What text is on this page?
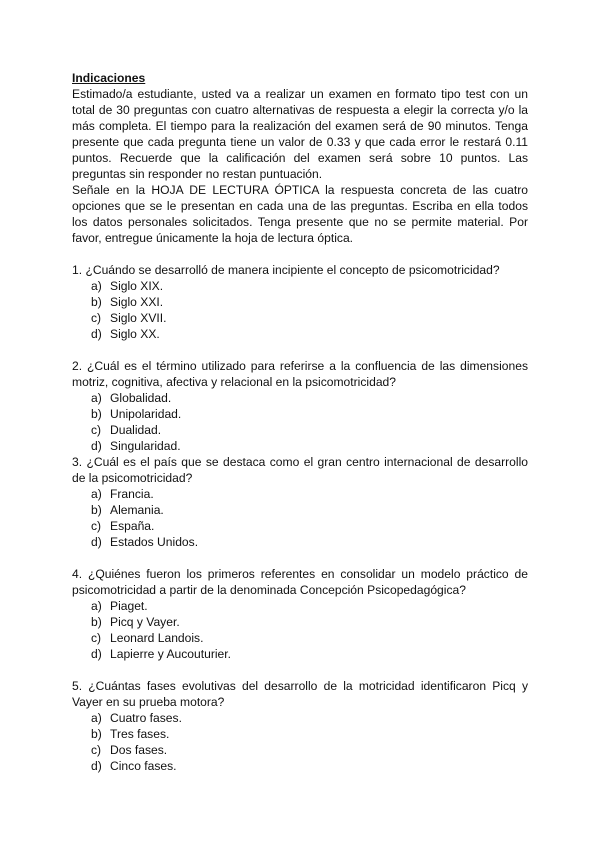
Indicaciones

Estimado/a estudiante, usted va a realizar un examen en formato tipo test con un total de 30 preguntas con cuatro alternativas de respuesta a elegir la correcta y/o la más completa. El tiempo para la realización del examen será de 90 minutos. Tenga presente que cada pregunta tiene un valor de 0.33 y que cada error le restará 0.11 puntos. Recuerde que la calificación del examen será sobre 10 puntos. Las preguntas sin responder no restan puntuación.

Señale en la HOJA DE LECTURA ÓPTICA la respuesta concreta de las cuatro opciones que se le presentan en cada una de las preguntas. Escriba en ella todos los datos personales solicitados. Tenga presente que no se permite material. Por favor, entregue únicamente la hoja de lectura óptica.

1. ¿Cuándo se desarrolló de manera incipiente el concepto de psicomotricidad?

a) Siglo XIX.
b) Siglo XXI.
c) Siglo XVII.
d) Siglo XX.

2. ¿Cuál es el término utilizado para referirse a la confluencia de las dimensiones motriz, cognitiva, afectiva y relacional en la psicomotricidad?

a) Globalidad.
b) Unipolaridad.
c) Dualidad.
d) Singularidad.

3. ¿Cuál es el país que se destaca como el gran centro internacional de desarrollo de la psicomotricidad?

a) Francia.
b) Alemania.
c) España.
d) Estados Unidos.

4. ¿Quiénes fueron los primeros referentes en consolidar un modelo práctico de psicomotricidad a partir de la denominada Concepción Psicopedagógica?

a) Piaget.
b) Picq y Vayer.
c) Leonard Landois.
d) Lapierre y Aucouturier.

5. ¿Cuántas fases evolutivas del desarrollo de la motricidad identificaron Picq y Vayer en su prueba motora?

a) Cuatro fases.
b) Tres fases.
c) Dos fases.
d) Cinco fases.
